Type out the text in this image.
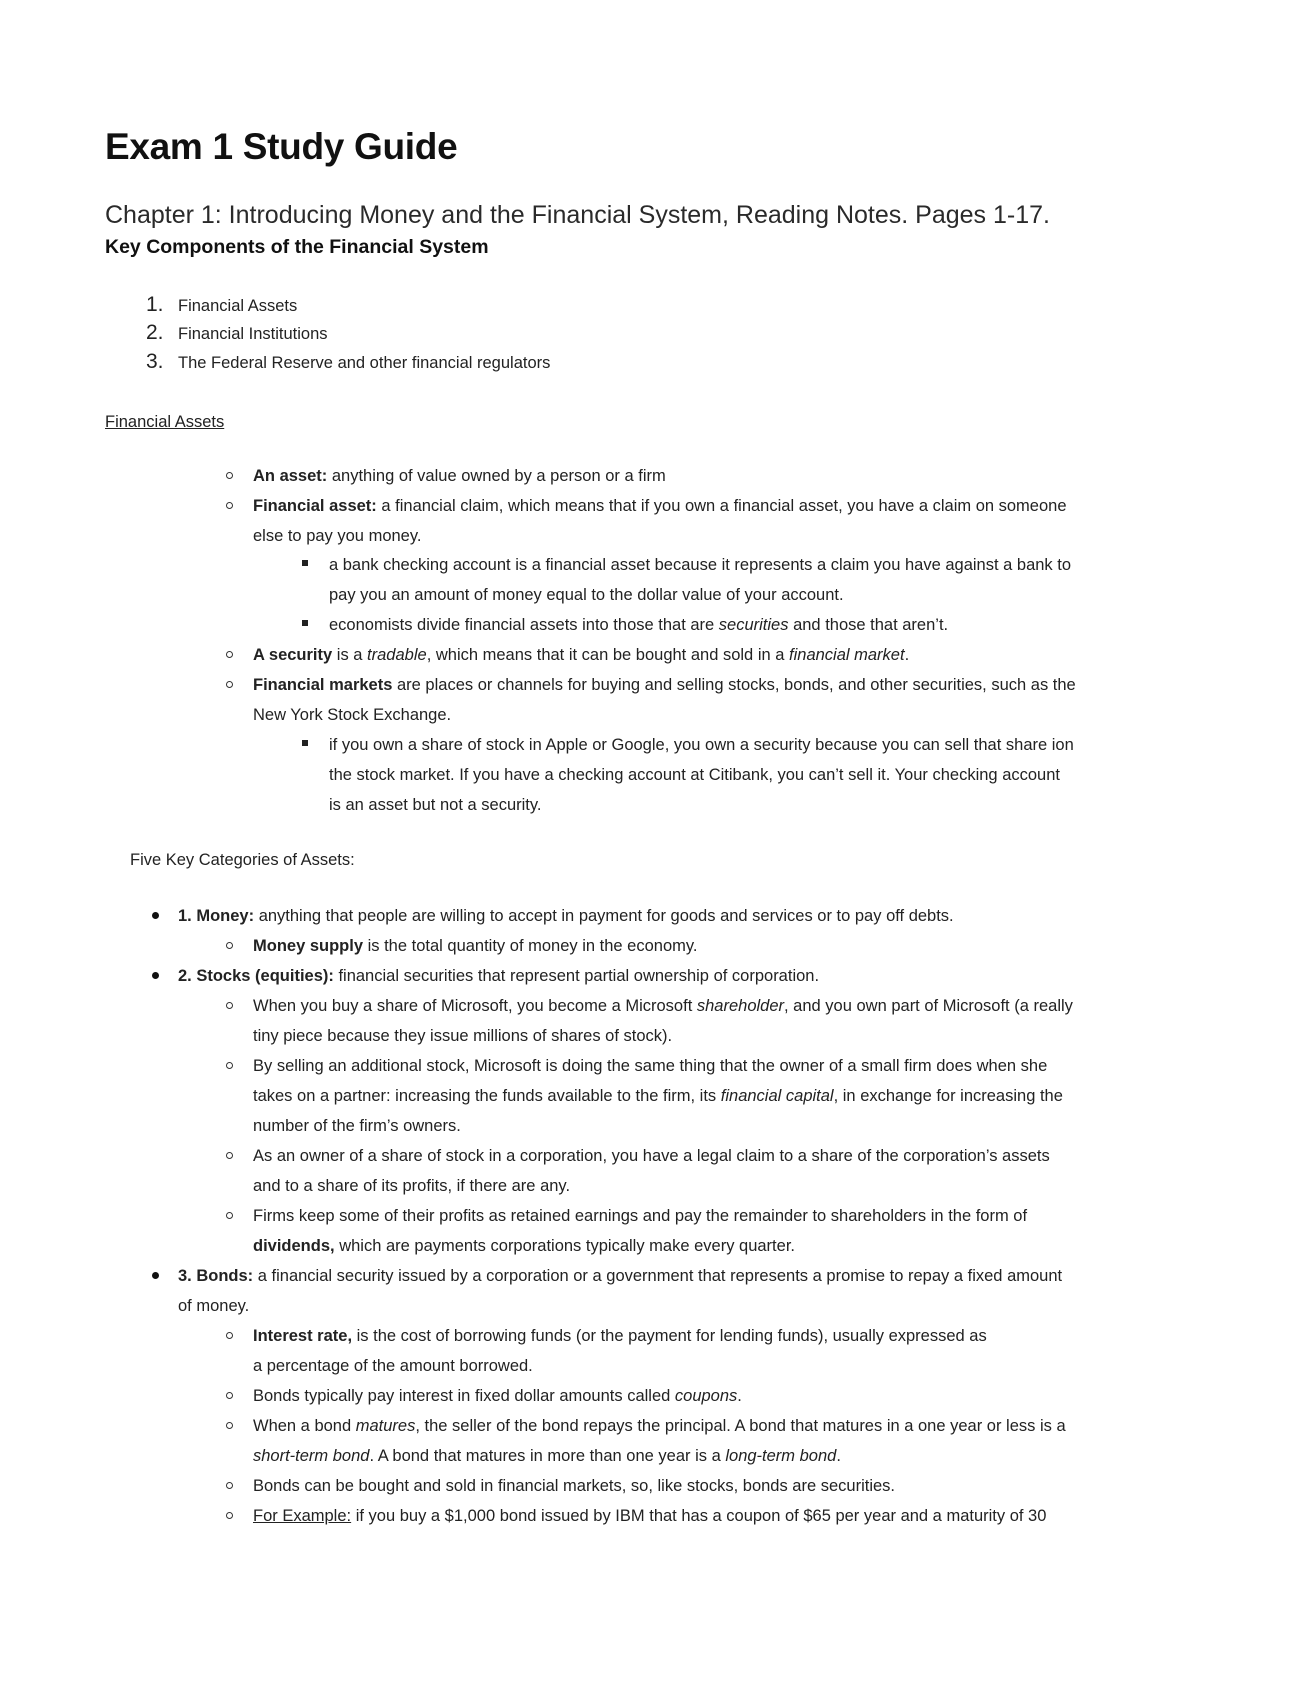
Exam 1 Study Guide
Chapter 1: Introducing Money and the Financial System, Reading Notes. Pages 1-17.
Key Components of the Financial System
1. Financial Assets
2. Financial Institutions
3. The Federal Reserve and other financial regulators
Financial Assets
An asset: anything of value owned by a person or a firm
Financial asset: a financial claim, which means that if you own a financial asset, you have a claim on someone
else to pay you money.
a bank checking account is a financial asset because it represents a claim you have against a bank to
pay you an amount of money equal to the dollar value of your account.
economists divide financial assets into those that are securities and those that aren’t.
A security is a tradable, which means that it can be bought and sold in a financial market.
Financial markets are places or channels for buying and selling stocks, bonds, and other securities, such as the
New York Stock Exchange.
if you own a share of stock in Apple or Google, you own a security because you can sell that share ion
the stock market. If you have a checking account at Citibank, you can’t sell it. Your checking account
is an asset but not a security.
Five Key Categories of Assets:
1. Money: anything that people are willing to accept in payment for goods and services or to pay off debts.
Money supply is the total quantity of money in the economy.
2. Stocks (equities): financial securities that represent partial ownership of corporation.
When you buy a share of Microsoft, you become a Microsoft shareholder, and you own part of Microsoft (a really
tiny piece because they issue millions of shares of stock).
By selling an additional stock, Microsoft is doing the same thing that the owner of a small firm does when she
takes on a partner: increasing the funds available to the firm, its financial capital, in exchange for increasing the
number of the firm’s owners.
As an owner of a share of stock in a corporation, you have a legal claim to a share of the corporation’s assets
and to a share of its profits, if there are any.
Firms keep some of their profits as retained earnings and pay the remainder to shareholders in the form of
dividends, which are payments corporations typically make every quarter.
3. Bonds: a financial security issued by a corporation or a government that represents a promise to repay a fixed amount
of money.
Interest rate, is the cost of borrowing funds (or the payment for lending funds), usually expressed as
a percentage of the amount borrowed.
Bonds typically pay interest in fixed dollar amounts called coupons.
When a bond matures, the seller of the bond repays the principal. A bond that matures in a one year or less is a
short-term bond. A bond that matures in more than one year is a long-term bond.
Bonds can be bought and sold in financial markets, so, like stocks, bonds are securities.
For Example: if you buy a $1,000 bond issued by IBM that has a coupon of $65 per year and a maturity of 30
